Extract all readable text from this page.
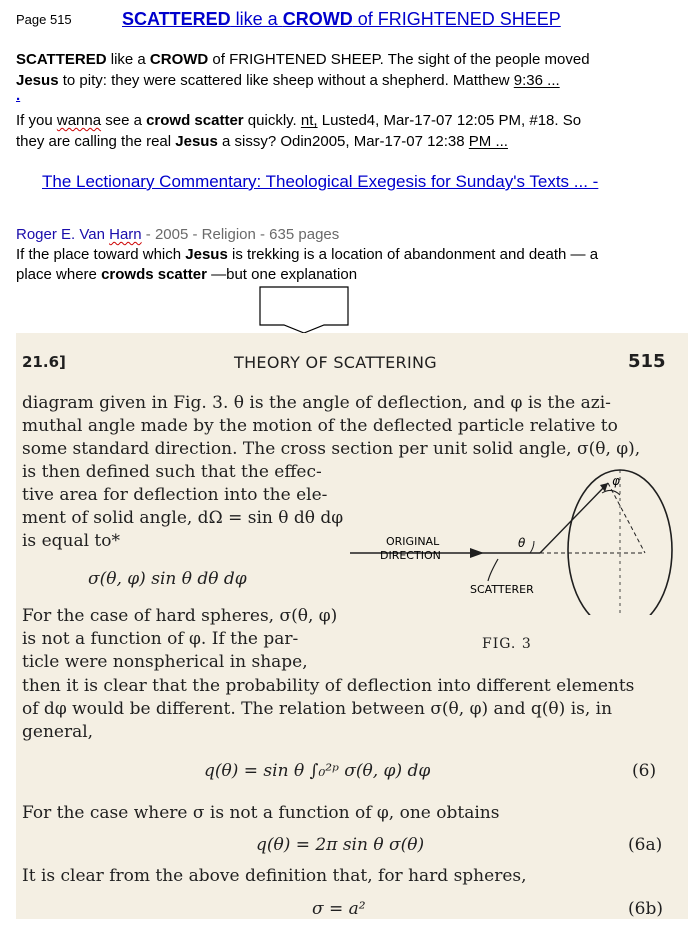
Page 515	SCATTERED like a CROWD of FRIGHTENED SHEEP
SCATTERED like a CROWD of FRIGHTENED SHEEP. The sight of the people moved
Jesus to pity: they were scattered like sheep without a shepherd. Matthew 9:36 ...
.
If you wanna see a crowd scatter quickly. nt, Lusted4, Mar-17-07 12:05 PM, #18. So
they are calling the real Jesus a sissy? Odin2005, Mar-17-07 12:38 PM ...
The Lectionary Commentary: Theological Exegesis for Sunday's Texts ... -
Roger E. Van Harn - 2005 - Religion - 635 pages
If the place toward which Jesus is trekking is a location of abandonment and death — a
place where crowds scatter —but one explanation
21.6]	THEORY OF SCATTERING	515
diagram given in Fig. 3. θ is the angle of deflection, and φ is the azi-
muthal angle made by the motion of the deflected particle relative to
some standard direction. The cross section per unit solid angle, σ(θ, φ),
is then defined such that the effec-
tive area for deflection into the ele-
ment of solid angle, dΩ = sin θ dθ dφ
is equal to*
σ(θ, φ) sin θ dθ dφ
For the case of hard spheres, σ(θ, φ)
is not a function of φ. If the par-
ticle were nonspherical in shape,
then it is clear that the probability of deflection into different elements
of dφ would be different. The relation between σ(θ, φ) and q(θ) is, in
general,
q(θ) = sin θ ∫₀²ᵖ σ(θ, φ) dφ	(6)
For the case where σ is not a function of φ, one obtains
q(θ) = 2π sin θ σ(θ)	(6a)
It is clear from the above definition that, for hard spheres,
σ = a²	(6b)
θ
φ
ORIGINAL
DIRECTION
SCATTERER
FIG. 3
